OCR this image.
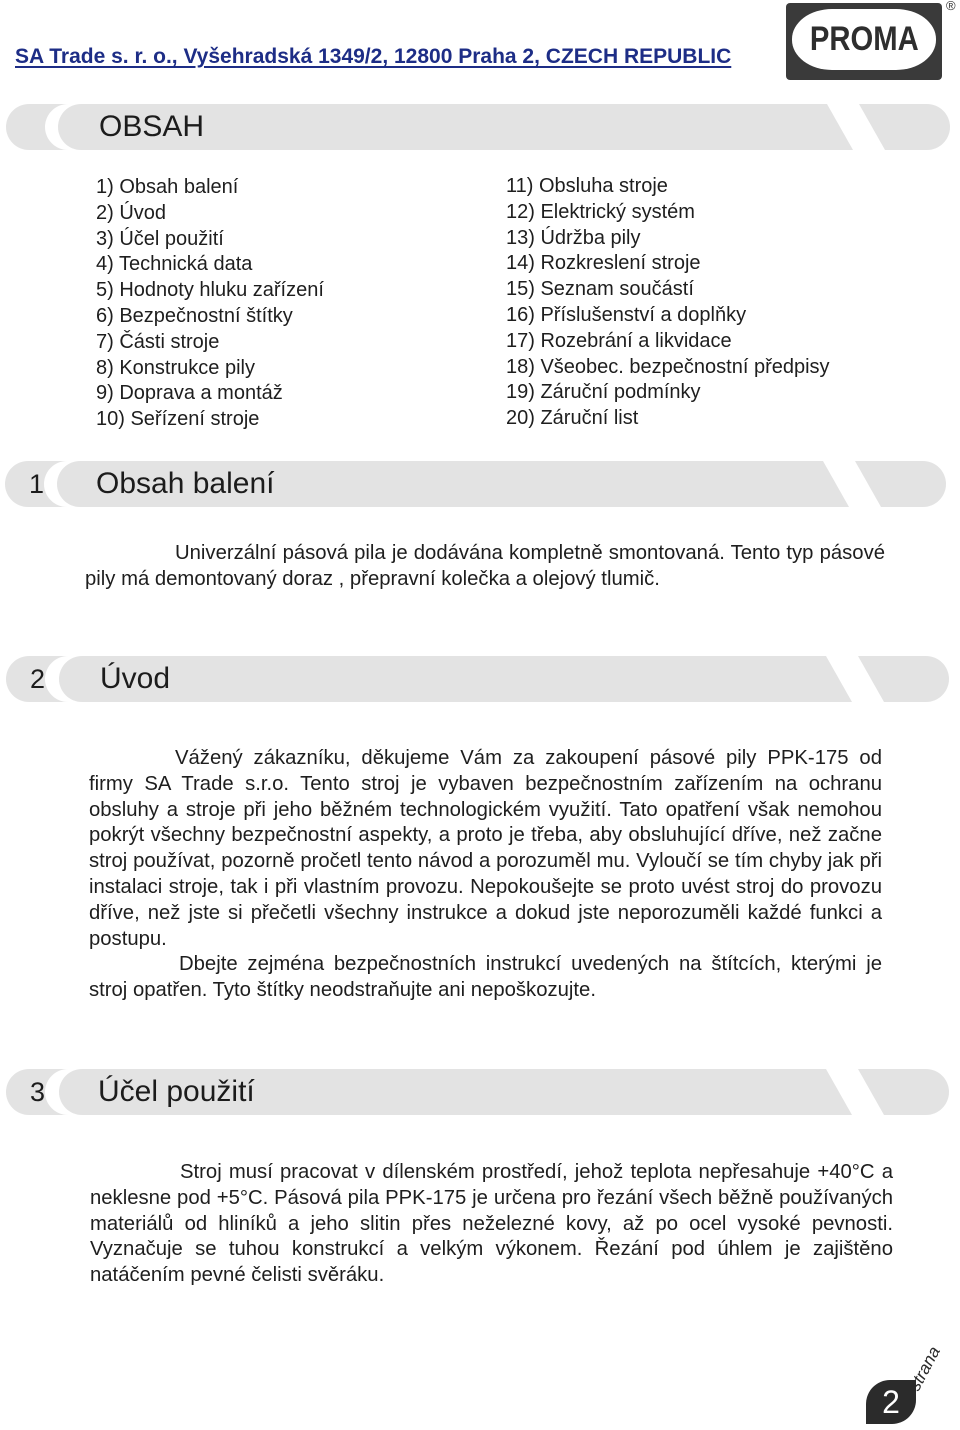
SA Trade s. r. o., Vyšehradská 1349/2, 12800 Praha 2, CZECH REPUBLIC PROMA
®
OBSAH
1) Obsah balení
2) Úvod
3) Účel použití
4) Technická data
5) Hodnoty hluku zařízení
6) Bezpečnostní štítky
7) Části stroje
8) Konstrukce pily
9) Doprava a montáž
10) Seřízení stroje
11) Obsluha stroje
12) Elektrický systém
13) Údržba pily
14) Rozkreslení stroje
15) Seznam součástí
16) Příslušenství a doplňky
17) Rozebrání a likvidace
18) Všeobec. bezpečnostní předpisy
19) Záruční podmínky
20) Záruční list
1 Obsah balení

Univerzální pásová pila je dodávána kompletně smontovaná. Tento typ pásové pily má demontovaný doraz , přepravní kolečka a olejový tlumič.

2 Úvod

Vážený zákazníku, děkujeme Vám za zakoupení pásové pily PPK-175 od firmy SA Trade s.r.o. Tento stroj je vybaven bezpečnostním zařízením na ochranu obsluhy a stroje při jeho běžném technologickém využití. Tato opatření však nemohou pokrýt všechny bezpečnostní aspekty, a proto je třeba, aby obsluhující dříve, než začne stroj používat, pozorně pročetl tento návod a porozuměl mu. Vyloučí se tím chyby jak při instalaci stroje, tak i při vlastním provozu. Nepokoušejte se proto uvést stroj do provozu dříve, než jste si přečetli všechny instrukce a dokud jste neporozuměli každé funkci a postupu.

Dbejte zejména bezpečnostních instrukcí uvedených na štítcích, kterými je stroj opatřen. Tyto štítky neodstraňujte ani nepoškozujte.

3 Účel použití

Stroj musí pracovat v dílenském prostředí, jehož teplota nepřesahuje +40°C a neklesne pod +5°C. Pásová pila PPK-175 je určena pro řezání všech běžně používaných materiálů od hliníků a jeho slitin přes neželezné kovy, až po ocel vysoké pevnosti. Vyznačuje se tuhou konstrukcí a velkým výkonem. Řezání pod úhlem je zajištěno natáčením pevné čelisti svěráku.

2
strana
